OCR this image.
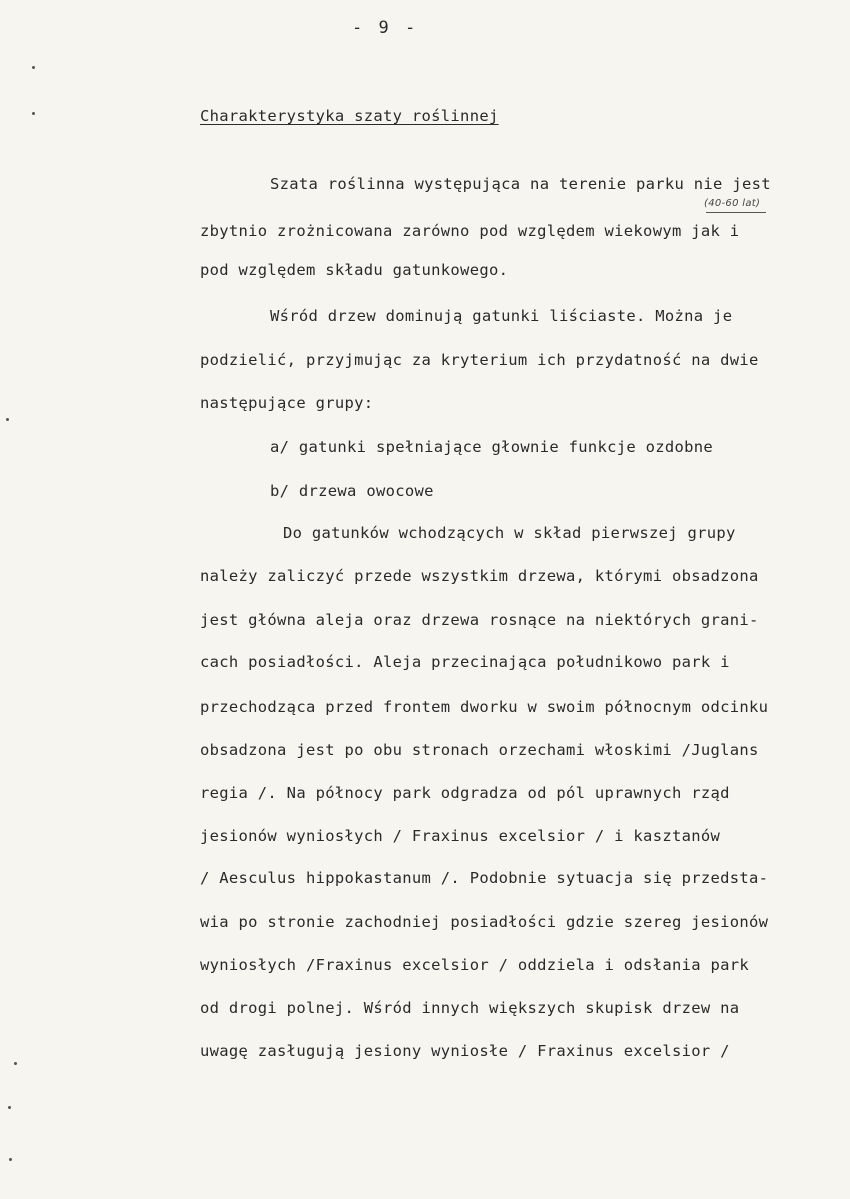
- 9 -
Charakterystyka szaty roślinnej
(40-60 lat)
Szata roślinna występująca na terenie parku nie jest
zbytnio zrożnicowana zarówno pod względem wiekowym jak i
pod względem składu gatunkowego.
Wśród drzew dominują gatunki liściaste. Można je
podzielić, przyjmując za kryterium ich przydatność na dwie
następujące grupy:
a/ gatunki spełniające głownie funkcje ozdobne
b/ drzewa owocowe
Do gatunków wchodzących w skład pierwszej grupy
należy zaliczyć przede wszystkim drzewa, którymi obsadzona
jest główna aleja oraz drzewa rosnące na niektórych grani-
cach posiadłości. Aleja przecinająca południkowo park i
przechodząca przed frontem dworku w swoim północnym odcinku
obsadzona jest po obu stronach orzechami włoskimi /Juglans
regia /. Na północy park odgradza od pól uprawnych rząd
jesionów wyniosłych / Fraxinus excelsior / i kasztanów
/ Aesculus hippokastanum /. Podobnie sytuacja się przedsta-
wia po stronie zachodniej posiadłości gdzie szereg jesionów
wyniosłych /Fraxinus excelsior / oddziela i odsłania park
od drogi polnej. Wśród innych większych skupisk drzew na
uwagę zasługują jesiony wyniosłe / Fraxinus excelsior /
